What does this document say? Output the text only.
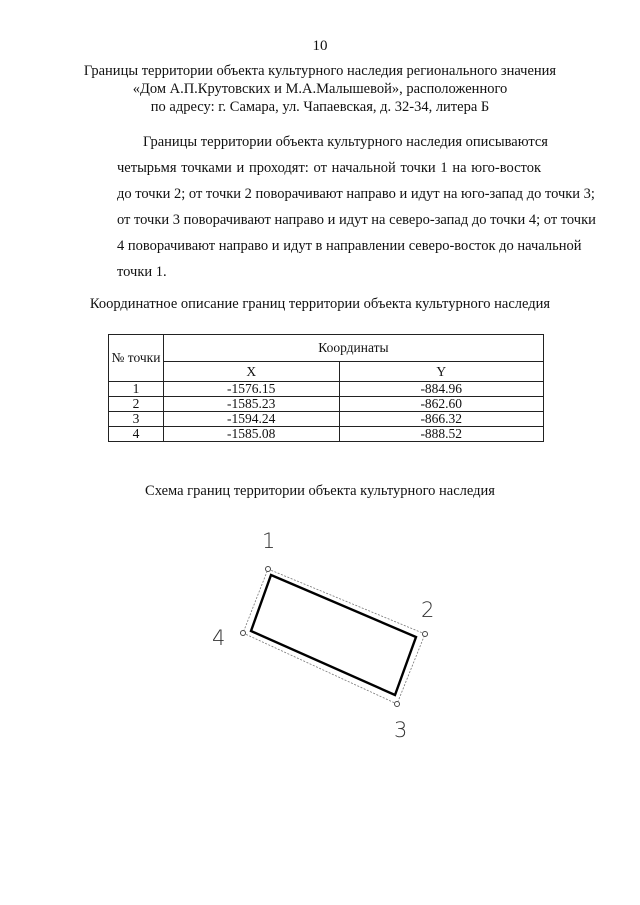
10
Границы территории объекта культурного наследия регионального значения
«Дом А.П.Крутовских и М.А.Малышевой», расположенного
по адресу: г. Самара, ул. Чапаевская, д. 32-34, литера Б
Границы территории объекта культурного наследия описываются
четырьмя точками и проходят: от начальной точки 1 на юго-восток
до точки 2; от точки 2 поворачивают направо и идут на юго-запад до точки 3;
от точки 3 поворачивают направо и идут на северо-запад до точки 4; от точки
4 поворачивают направо и идут в направлении северо-восток до начальной
точки 1.
Координатное описание границ территории объекта культурного наследия
№ точки	Координаты	
	X	Y
1	-1576.15	-884.96
2	-1585.23	-862.60
3	-1594.24	-866.32
4	-1585.08	-888.52
Схема границ территории объекта культурного наследия
1
2
3
4
